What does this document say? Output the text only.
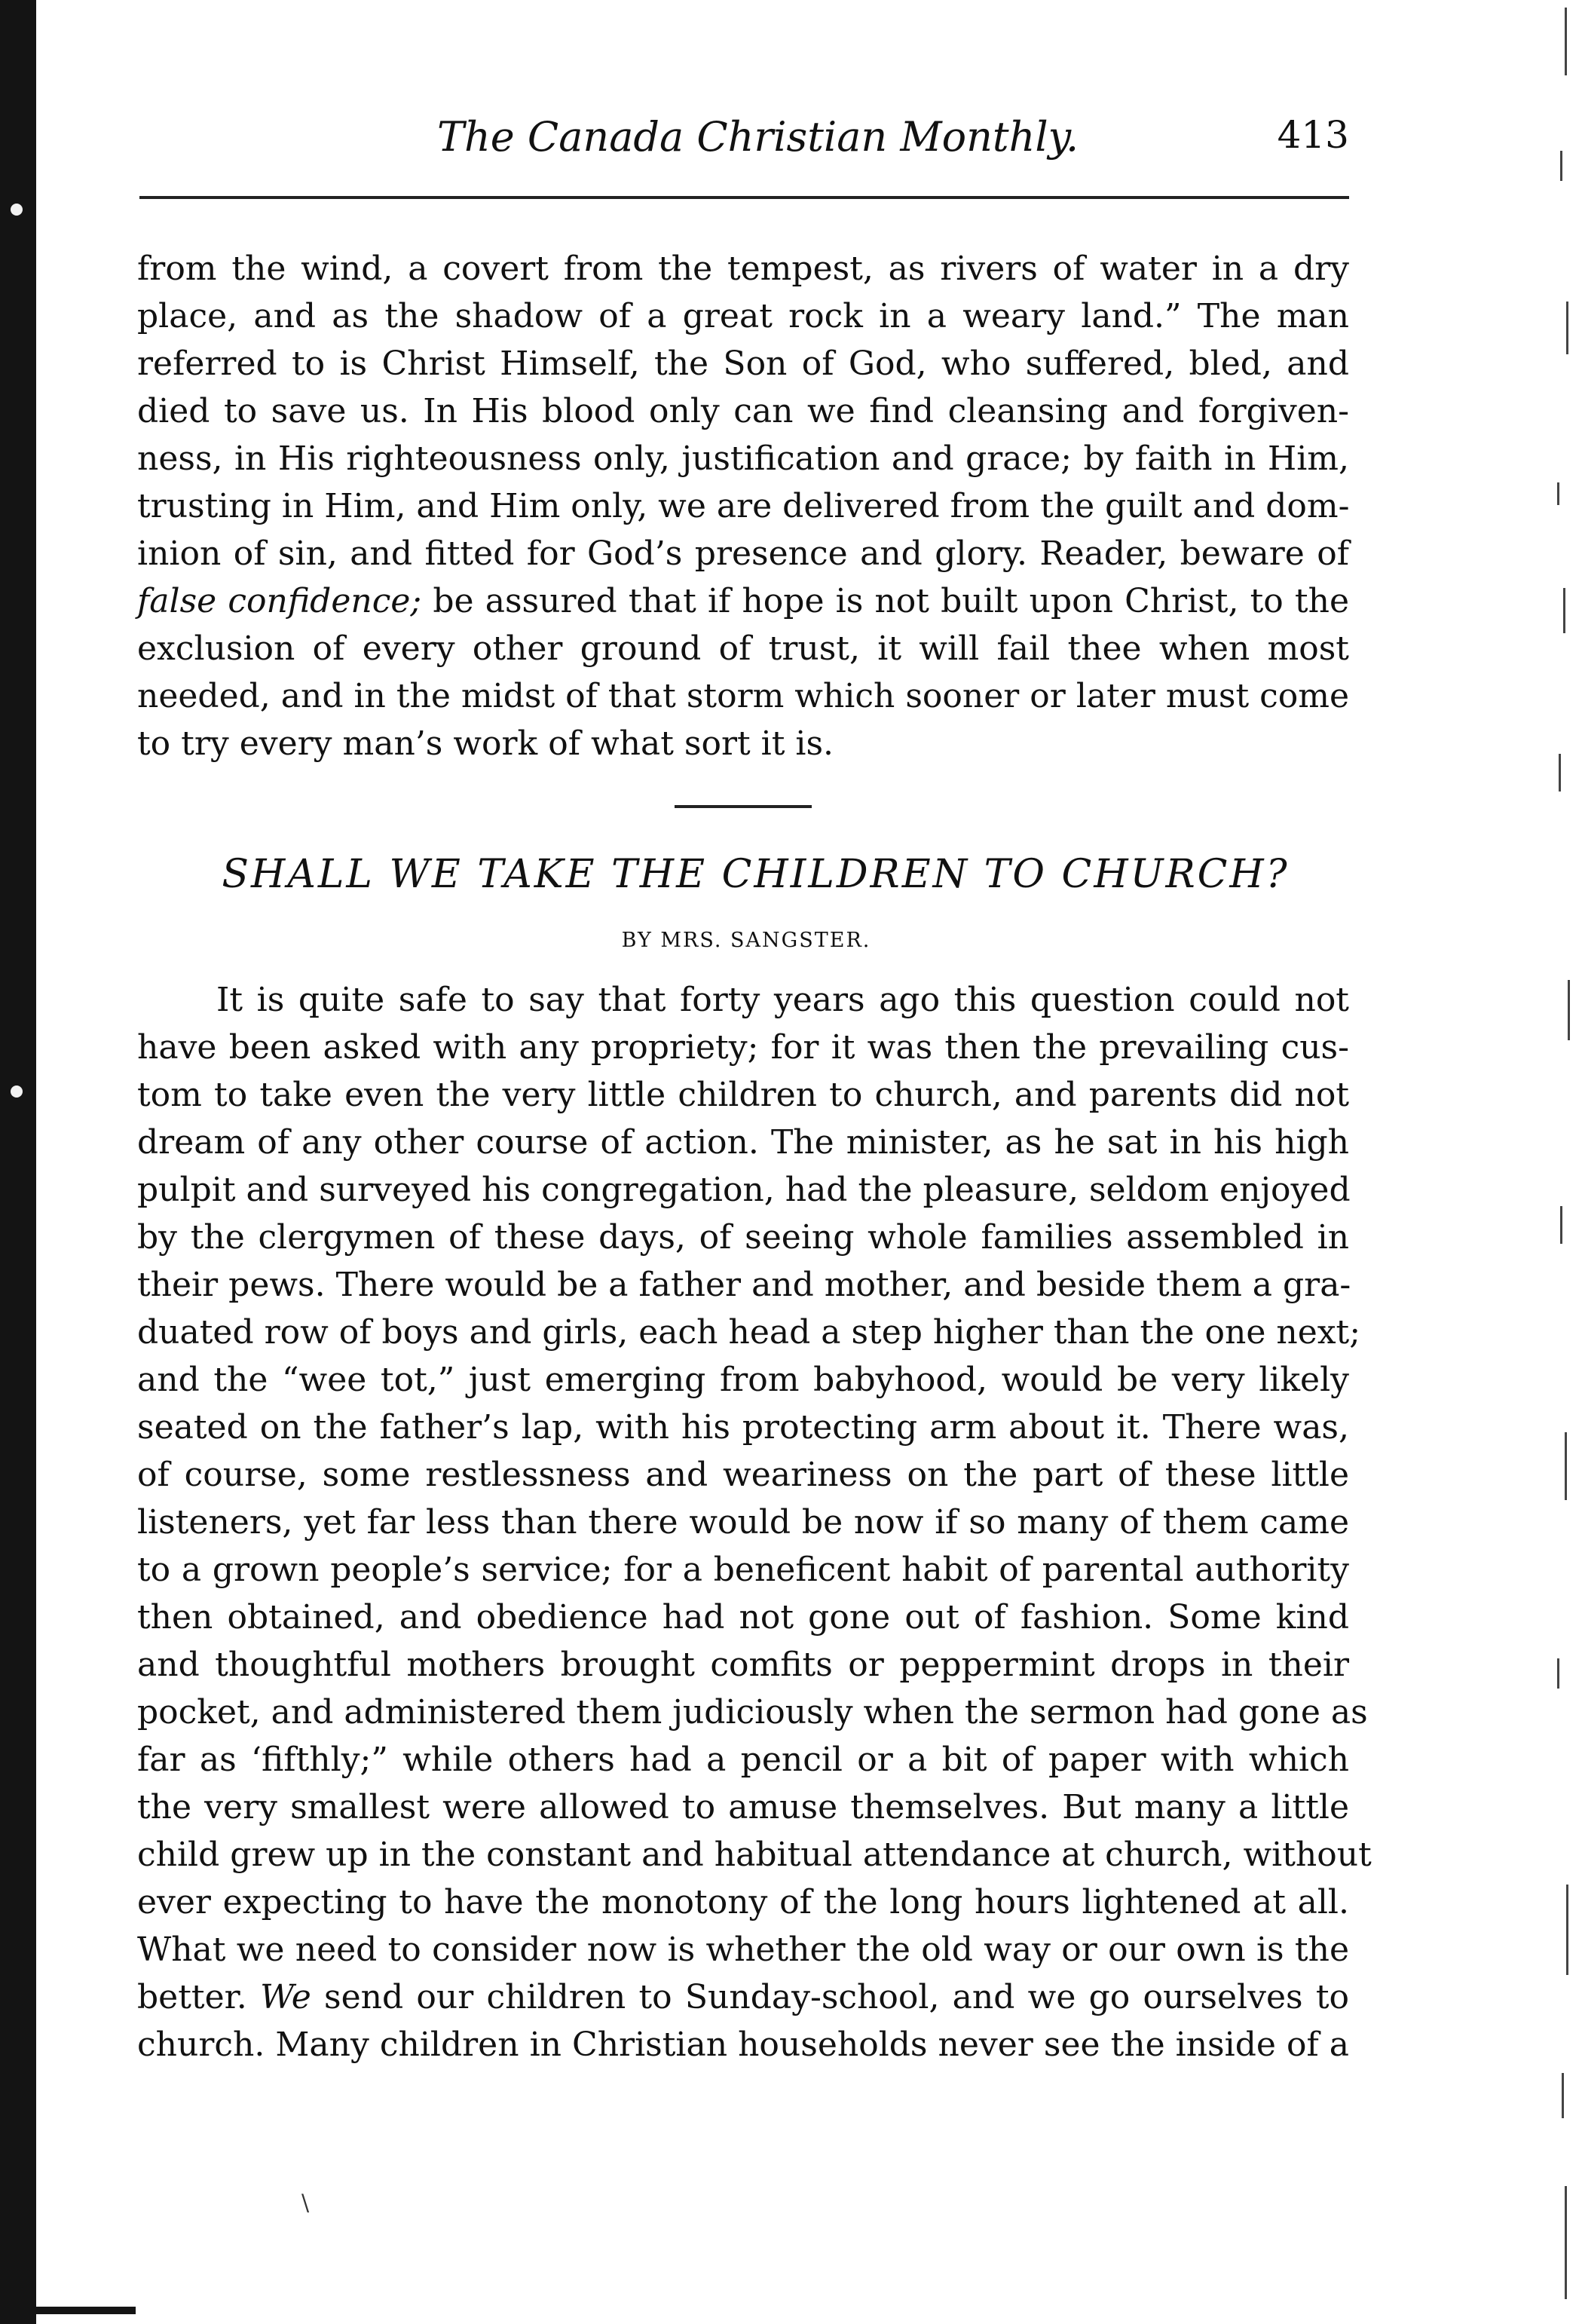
The Canada Christian Monthly.	413
from the wind, a covert from the tempest, as rivers of water in a dry
place, and as the shadow of a great rock in a weary land.” The man
referred to is Christ Himself, the Son of God, who suffered, bled, and
died to save us. In His blood only can we find cleansing and forgiven-
ness, in His righteousness only, justification and grace; by faith in Him,
trusting in Him, and Him only, we are delivered from the guilt and dom-
inion of sin, and fitted for God’s presence and glory. Reader, beware of
false confidence; be assured that if hope is not built upon Christ, to the
exclusion of every other ground of trust, it will fail thee when most
needed, and in the midst of that storm which sooner or later must come
to try every man’s work of what sort it is.
SHALL WE TAKE THE CHILDREN TO CHURCH?
BY MRS. SANGSTER.
It is quite safe to say that forty years ago this question could not
have been asked with any propriety; for it was then the prevailing cus-
tom to take even the very little children to church, and parents did not
dream of any other course of action. The minister, as he sat in his high
pulpit and surveyed his congregation, had the pleasure, seldom enjoyed
by the clergymen of these days, of seeing whole families assembled in
their pews. There would be a father and mother, and beside them a gra-
duated row of boys and girls, each head a step higher than the one next;
and the “wee tot,” just emerging from babyhood, would be very likely
seated on the father’s lap, with his protecting arm about it. There was,
of course, some restlessness and weariness on the part of these little
listeners, yet far less than there would be now if so many of them came
to a grown people’s service; for a beneficent habit of parental authority
then obtained, and obedience had not gone out of fashion. Some kind
and thoughtful mothers brought comfits or peppermint drops in their
pocket, and administered them judiciously when the sermon had gone as
far as ‘fifthly;” while others had a pencil or a bit of paper with which
the very smallest were allowed to amuse themselves. But many a little
child grew up in the constant and habitual attendance at church, without
ever expecting to have the monotony of the long hours lightened at all.
What we need to consider now is whether the old way or our own is the
better. We send our children to Sunday-school, and we go ourselves to
church. Many children in Christian households never see the inside of a
\
